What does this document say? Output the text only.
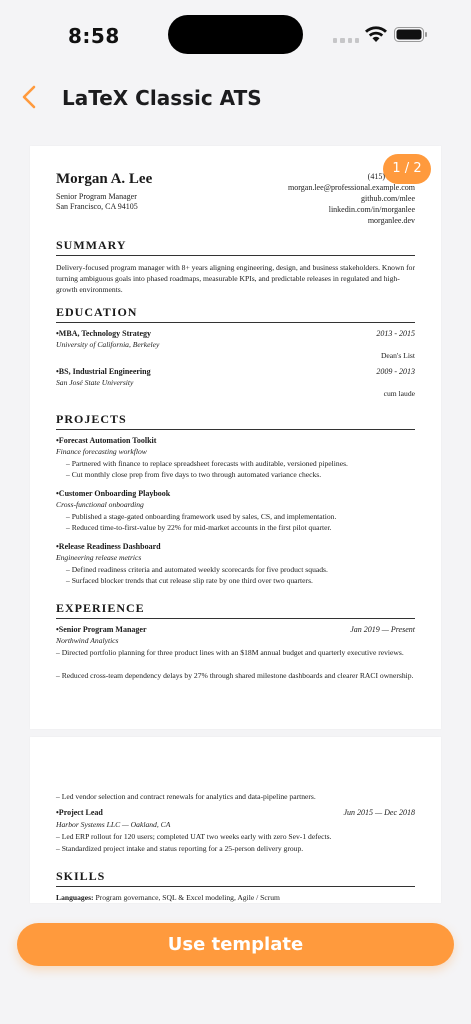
8:58
LaTeX Classic ATS
1 / 2
Morgan A. Lee
Senior Program Manager
San Francisco, CA 94105
(415)
morgan.lee@professional.example.com
github.com/mlee
linkedin.com/in/morganlee
morganlee.dev
SUMMARY
Delivery-focused program manager with 8+ years aligning engineering, design, and business stakeholders. Known for turning ambiguous goals into phased roadmaps, measurable KPIs, and predictable releases in regulated and high-growth environments.
EDUCATION
•MBA, Technology Strategy	2013 - 2015
University of California, Berkeley
Dean's List
•BS, Industrial Engineering	2009 - 2013
San José State University
cum laude
PROJECTS
•Forecast Automation Toolkit
Finance forecasting workflow
– Partnered with finance to replace spreadsheet forecasts with auditable, versioned pipelines.
– Cut monthly close prep from five days to two through automated variance checks.
•Customer Onboarding Playbook
Cross-functional onboarding
– Published a stage-gated onboarding framework used by sales, CS, and implementation.
– Reduced time-to-first-value by 22% for mid-market accounts in the first pilot quarter.
•Release Readiness Dashboard
Engineering release metrics
– Defined readiness criteria and automated weekly scorecards for five product squads.
– Surfaced blocker trends that cut release slip rate by one third over two quarters.
EXPERIENCE
•Senior Program Manager	Jan 2019 — Present
Northwind Analytics
– Directed portfolio planning for three product lines with an $18M annual budget and quarterly executive reviews.
– Reduced cross-team dependency delays by 27% through shared milestone dashboards and clearer RACI ownership.
– Led vendor selection and contract renewals for analytics and data-pipeline partners.
•Project Lead	Jun 2015 — Dec 2018
Harbor Systems LLC — Oakland, CA
– Led ERP rollout for 120 users; completed UAT two weeks early with zero Sev-1 defects.
– Standardized project intake and status reporting for a 25-person delivery group.
SKILLS
Languages: Program governance, SQL & Excel modeling, Agile / Scrum
Use template
